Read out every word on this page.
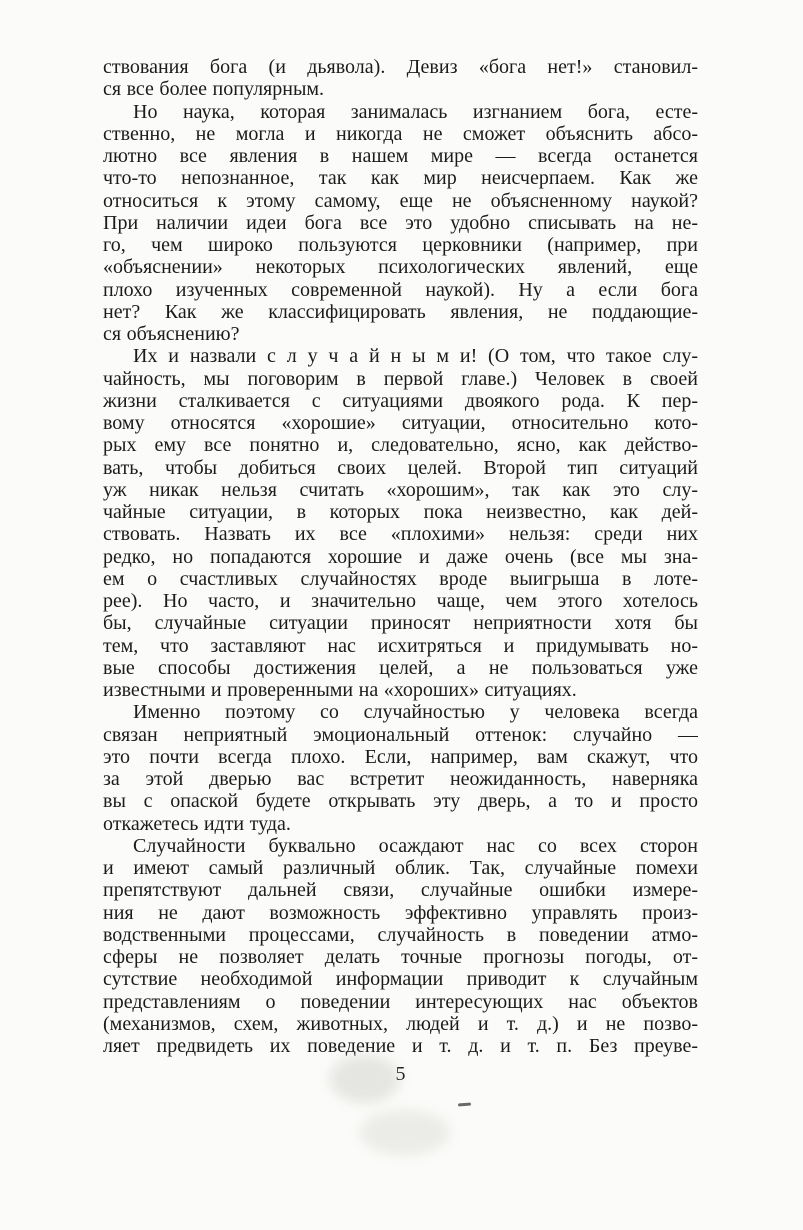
ствования бога (и дьявола). Девиз «бога нет!» становил-
ся все более популярным.
Но наука, которая занималась изгнанием бога, есте-
ственно, не могла и никогда не сможет объяснить абсо-
лютно все явления в нашем мире — всегда останется
что-то непознанное, так как мир неисчерпаем. Как же
относиться к этому самому, еще не объясненному наукой?
При наличии идеи бога все это удобно списывать на не-
го, чем широко пользуются церковники (например, при
«объяснении» некоторых психологических явлений, еще
плохо изученных современной наукой). Ну а если бога
нет? Как же классифицировать явления, не поддающие-
ся объяснению?
Их и назвали с л у ч а й н ы м и! (О том, что такое слу-
чайность, мы поговорим в первой главе.) Человек в своей
жизни сталкивается с ситуациями двоякого рода. К пер-
вому относятся «хорошие» ситуации, относительно кото-
рых ему все понятно и, следовательно, ясно, как действо-
вать, чтобы добиться своих целей. Второй тип ситуаций
уж никак нельзя считать «хорошим», так как это слу-
чайные ситуации, в которых пока неизвестно, как дей-
ствовать. Назвать их все «плохими» нельзя: среди них
редко, но попадаются хорошие и даже очень (все мы зна-
ем о счастливых случайностях вроде выигрыша в лоте-
рее). Но часто, и значительно чаще, чем этого хотелось
бы, случайные ситуации приносят неприятности хотя бы
тем, что заставляют нас исхитряться и придумывать но-
вые способы достижения целей, а не пользоваться уже
известными и проверенными на «хороших» ситуациях.
Именно поэтому со случайностью у человека всегда
связан неприятный эмоциональный оттенок: случайно —
это почти всегда плохо. Если, например, вам скажут, что
за этой дверью вас встретит неожиданность, наверняка
вы с опаской будете открывать эту дверь, а то и просто
откажетесь идти туда.
Случайности буквально осаждают нас со всех сторон
и имеют самый различный облик. Так, случайные помехи
препятствуют дальней связи, случайные ошибки измере-
ния не дают возможность эффективно управлять произ-
водственными процессами, случайность в поведении атмо-
сферы не позволяет делать точные прогнозы погоды, от-
сутствие необходимой информации приводит к случайным
представлениям о поведении интересующих нас объектов
(механизмов, схем, животных, людей и т. д.) и не позво-
ляет предвидеть их поведение и т. д. и т. п. Без преуве-
5
